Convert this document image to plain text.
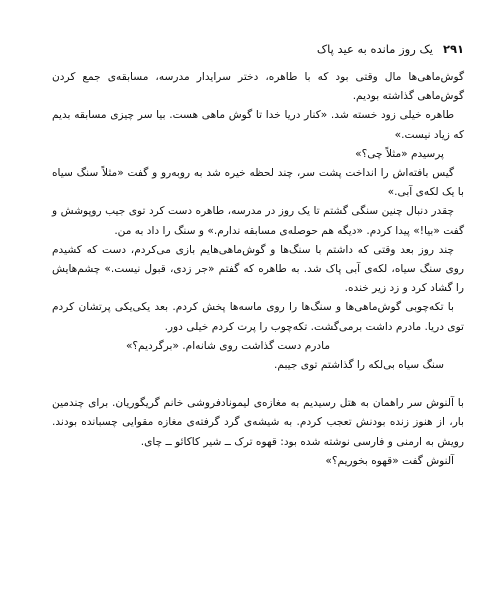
۲۹۱یک روز مانده به عید پاک

گوش‌ماهی‌ها مال وقتی بود که با طاهره، دختر سرایدار مدرسه، مسابقه‌ی جمع کردن گوش‌ماهی گذاشته بودیم.

طاهره خیلی زود خسته شد. «کنار دریا خدا تا گوش ماهی هست. بیا سر چیزی مسابقه بدیم که زیاد نیست.»

پرسیدم «مثلاً چی؟»

گیس بافته‌اش را انداخت پشت سر، چند لحظه خیره شد به روبه‌رو و گفت «مثلاً سنگ سیاه با یک لکه‌ی آبی.»

چقدر دنبال چنین سنگی گشتم تا یک روز در مدرسه، طاهره دست کرد توی جیب روپوشش و گفت «بیا!» پیدا کردم. «دیگه هم حوصله‌ی مسابقه ندارم.» و سنگ را داد به من.

چند روز بعد وقتی که داشتم با سنگ‌ها و گوش‌ماهی‌هایم بازی می‌کردم، دست که کشیدم روی سنگ سیاه، لکه‌ی آبی پاک شد. به طاهره که گفتم «جر زدی، قبول نیست.» چشم‌هایش را گشاد کرد و زد زیر خنده.

با تکه‌چوبی گوش‌ماهی‌ها و سنگ‌ها را روی ماسه‌ها پخش کردم. بعد یکی‌یکی پرتشان کردم توی دریا. مادرم داشت برمی‌گشت. تکه‌چوب را پرت کردم خیلی دور.

مادرم دست گذاشت روی شانه‌ام. «برگردیم؟»

سنگ سیاه بی‌لکه را گذاشتم توی جیبم.

با آلنوش سر راهمان به هتل رسیدیم به مغازه‌ی لیموناد‌فروشی خانم گریگوریان. برای چندمین بار، از هنوز زنده بودنش تعجب کردم. به شیشه‌ی گرد گرفته‌ی مغازه مقوایی چسبانده بودند. رویش به ارمنی و فارسی نوشته شده بود: قهوه ترک ــ شیر کاکائو ــ چای.

آلنوش گفت «قهوه بخوریم؟»
